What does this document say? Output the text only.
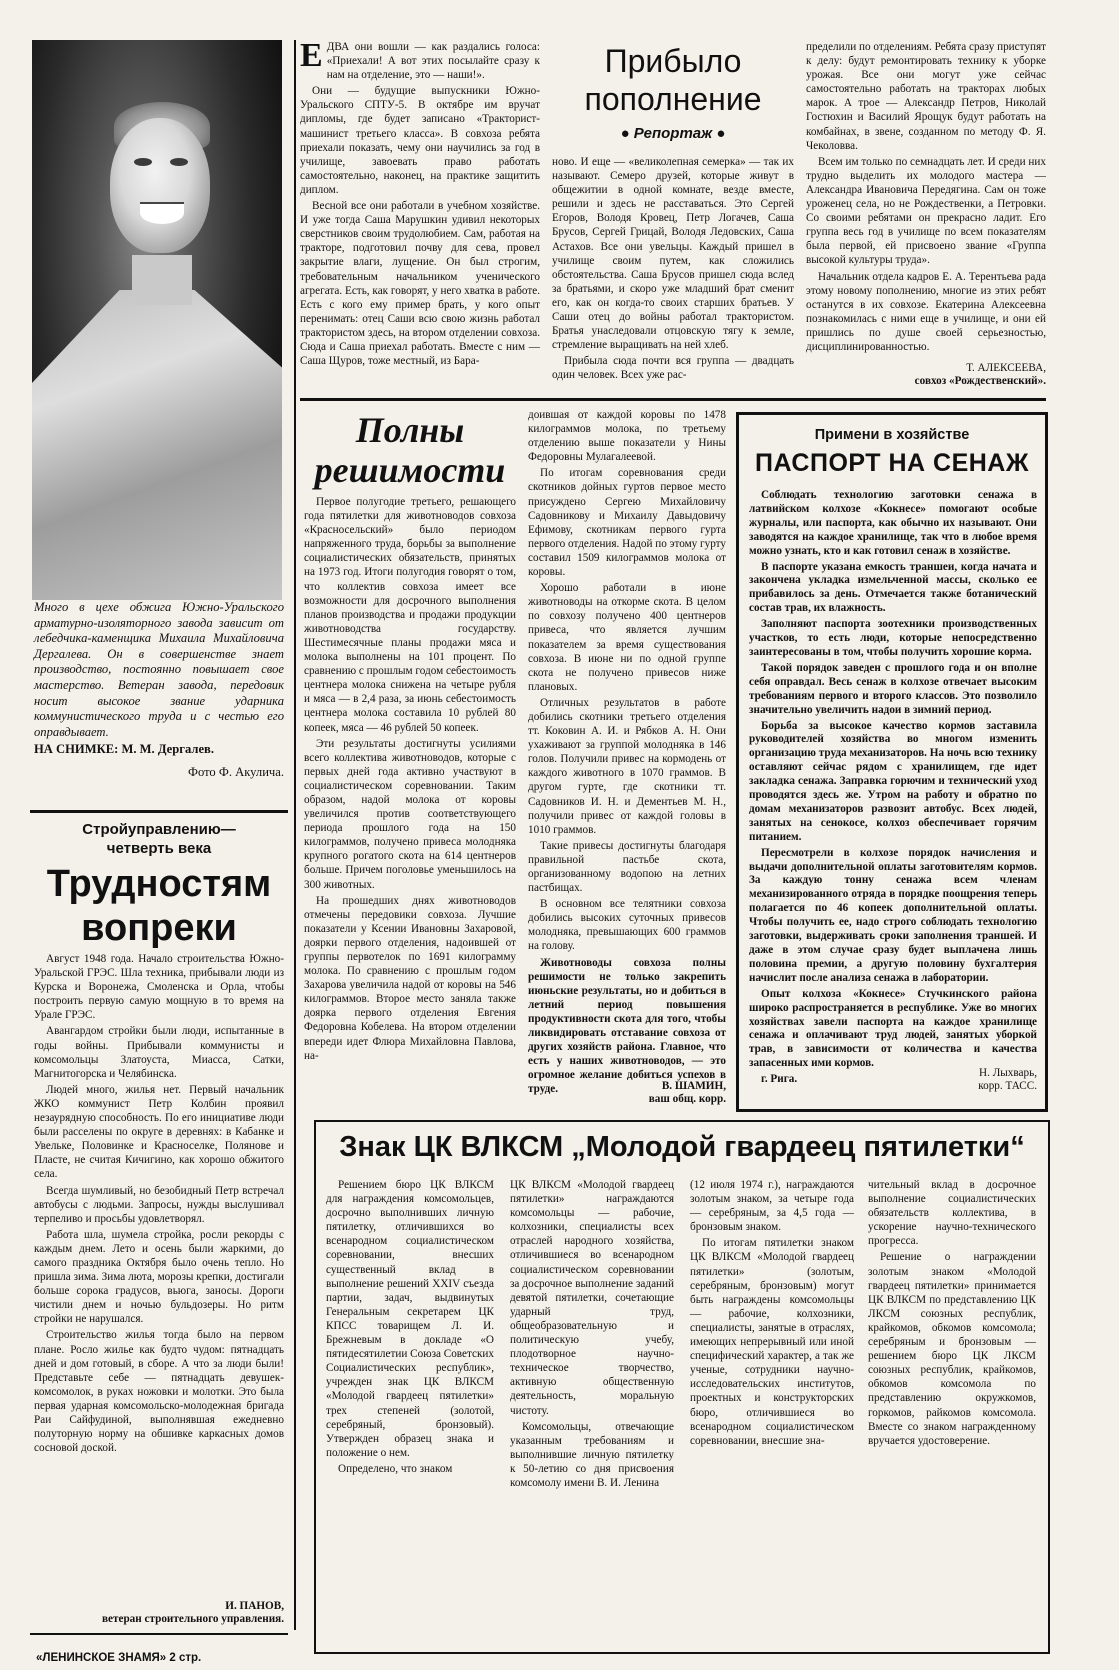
Много в цехе обжига Южно-Уральского арматурно-изоляторного завода зависит от лебедчика-каменщика Михаила Михайловича Дергалева. Он в совершенстве знает производство, постоянно повышает свое мастерство. Ветеран завода, передовик носит высокое звание ударника коммунистического труда и с честью его оправдывает.

НА СНИМКЕ: М. М. Дергалев.

Фото Ф. Акулича.
Стройуправлению—
четверть века
Трудностям
вопреки

Август 1948 года. Начало строительства Южно-Уральской ГРЭС. Шла техника, прибывали люди из Курска и Воронежа, Смоленска и Орла, чтобы построить первую самую мощную в то время на Урале ГРЭС.

Авангардом стройки были люди, испытанные в годы войны. Прибывали коммунисты и комсомольцы Златоуста, Миасса, Сатки, Магнитогорска и Челябинска.

Людей много, жилья нет. Первый начальник ЖКО коммунист Петр Колбин проявил незаурядную способность. По его инициативе люди были расселены по округе в деревнях: в Кабанке и Увельке, Половинке и Красноселке, Полянове и Пласте, не считая Кичигино, как хорошо обжитого села.

Всегда шумливый, но безобидный Петр встречал автобусы с людьми. Запросы, нужды выслушивал терпеливо и просьбы удовлетворял.

Работа шла, шумела стройка, росли рекорды с каждым днем. Лето и осень были жаркими, до самого праздника Октября было очень тепло. Но пришла зима. Зима люта, морозы крепки, достигали больше сорока градусов, вьюга, заносы. Дороги чистили днем и ночью бульдозеры. Но ритм стройки не нарушался.

Строительство жилья тогда было на первом плане. Росло жилье как будто чудом: пятнадцать дней и дом готовый, в сборе. А что за люди были! Представьте себе — пятнадцать девушек-комсомолок, в руках ножовки и молотки. Это была первая ударная комсомольско-молодежная бригада Раи Сайфудиной, выполнявшая ежедневно полуторную норму на обшивке каркасных домов сосновой доской.

И. ПАНОВ,
ветеран строительного управления.
«ЛЕНИНСКОЕ ЗНАМЯ» 2 стр.
Е ДВА они вошли — как раздались голоса: «Приехали! А вот этих посылайте сразу к нам на отделение, это — наши!».

Они — будущие выпускники Южно-Уральского СПТУ-5. В октябре им вручат дипломы, где будет записано «Тракторист-машинист третьего класса». В совхоза ребята приехали показать, чему они научились за год в училище, завоевать право работать самостоятельно, наконец, на практике защитить диплом.

Весной все они работали в учебном хозяйстве. И уже тогда Саша Марушкин удивил некоторых сверстников своим трудолюбием. Сам, работая на тракторе, подготовил почву для сева, провел закрытие влаги, лущение. Он был строгим, требовательным начальником ученического агрегата. Есть, как говорят, у него хватка в работе. Есть с кого ему пример брать, у кого опыт перенимать: отец Саши всю свою жизнь работал трактористом здесь, на втором отделении совхоза. Сюда и Саша приехал работать. Вместе с ним — Саша Щуров, тоже местный, из Бара-

Прибыло
пополнение
● Репортаж ●

ново. И еще — «великолепная семерка» — так их называют. Семеро друзей, которые живут в общежитии в одной комнате, везде вместе, решили и здесь не расставаться. Это Сергей Егоров, Володя Кровец, Петр Логачев, Саша Брусов, Сергей Грицай, Володя Ледовских, Саша Астахов. Все они увельцы. Каждый пришел в училище своим путем, как сложились обстоятельства. Саша Брусов пришел сюда вслед за братьями, и скоро уже младший брат сменит его, как он когда-то своих старших братьев. У Саши отец до войны работал трактористом. Братья унаследовали отцовскую тягу к земле, стремление выращивать на ней хлеб.

Прибыла сюда почти вся группа — двадцать один человек. Всех уже рас-

пределили по отделениям. Ребята сразу приступят к делу: будут ремонтировать технику к уборке урожая. Все они могут уже сейчас самостоятельно работать на тракторах любых марок. А трое — Александр Петров, Николай Гостюхин и Василий Ярощук будут работать на комбайнах, в звене, созданном по методу Ф. Я. Чеколовва.

Всем им только по семнадцать лет. И среди них трудно выделить их молодого мастера — Александра Ивановича Передягина. Сам он тоже уроженец села, но не Рождественки, а Петровки. Со своими ребятами он прекрасно ладит. Его группа весь год в училище по всем показателям была первой, ей присвоено звание «Группа высокой культуры труда».

Начальник отдела кадров Е. А. Терентьева рада этому новому пополнению, многие из этих ребят останутся в их совхозе. Екатерина Алексеевна познакомилась с ними еще в училище, и они ей пришлись по душе своей серьезностью, дисциплинированностью.

Т. АЛЕКСЕЕВА,
совхоз «Рождественский».
Полны
решимости

Первое полугодие третьего, решающего года пятилетки для животноводов совхоза «Красносельский» было периодом напряженного труда, борьбы за выполнение социалистических обязательств, принятых на 1973 год. Итоги полугодия говорят о том, что коллектив совхоза имеет все возможности для досрочного выполнения планов производства и продажи продукции животноводства государству. Шестимесячные планы продажи мяса и молока выполнены на 101 процент. По сравнению с прошлым годом себестоимость центнера молока снижена на четыре рубля и мяса — в 2,4 раза, за июнь себестоимость центнера молока составила 10 рублей 80 копеек, мяса — 46 рублей 50 копеек.

Эти результаты достигнуты усилиями всего коллектива животноводов, которые с первых дней года активно участвуют в социалистическом соревновании. Таким образом, надой молока от коровы увеличился против соответствующего периода прошлого года на 150 килограммов, получено привеса молодняка крупного рогатого скота на 614 центнеров больше. Причем поголовье уменьшилось на 300 животных.

На прошедших днях животноводов отмечены передовики совхоза. Лучшие показатели у Ксении Ивановны Захаровой, доярки первого отделения, надоившей от группы первотелок по 1691 килограмму молока. По сравнению с прошлым годом Захарова увеличила надой от коровы на 546 килограммов. Второе место заняла также доярка первого отделения Евгения Федоровна Кобелева. На втором отделении впереди идет Флюра Михайловна Павлова, на-

доившая от каждой коровы по 1478 килограммов молока, по третьему отделению выше показатели у Нины Федоровны Мулагалеевой.

По итогам соревнования среди скотников дойных гуртов первое место присуждено Сергею Михайловичу Садовникову и Михаилу Давыдовичу Ефимову, скотникам первого гурта первого отделения. Надой по этому гурту составил 1509 килограммов молока от коровы.

Хорошо работали в июне животноводы на откорме скота. В целом по совхозу получено 400 центнеров привеса, что является лучшим показателем за время существования совхоза. В июне ни по одной группе скота не получено привесов ниже плановых.

Отличных результатов в работе добились скотники третьего отделения тт. Коковин А. И. и Рябков А. Н. Они ухаживают за группой молодняка в 146 голов. Получили привес на кормодень от каждого животного в 1070 граммов. В другом гурте, где скотники тт. Садовников И. Н. и Дементьев М. Н., получили привес от каждой головы в 1010 граммов.

Такие привесы достигнуты благодаря правильной пастьбе скота, организованному водопою на летних пастбищах.

В основном все телятники совхоза добились высоких суточных привесов молодняка, превышающих 600 граммов на голову.

Животноводы совхоза полны решимости не только закрепить июньские результаты, но и добиться в летний период повышения продуктивности скота для того, чтобы ликвидировать отставание совхоза от других хозяйств района. Главное, что есть у наших животноводов, — это огромное желание добиться успехов в труде.	В. ШАМИН,
ваш общ. корр.
Примени в хозяйстве
ПАСПОРТ НА СЕНАЖ

Соблюдать технологию заготовки сенажа в латвийском колхозе «Кокнесе» помогают особые журналы, или паспорта, как обычно их называют. Они заводятся на каждое хранилище, так что в любое время можно узнать, кто и как готовил сенаж в хозяйстве.

В паспорте указана емкость траншеи, когда начата и закончена укладка измельченной массы, сколько ее прибавилось за день. Отмечается также ботанический состав трав, их влажность.

Заполняют паспорта зоотехники производственных участков, то есть люди, которые непосредственно заинтересованы в том, чтобы получить хорошие корма.

Такой порядок заведен с прошлого года и он вполне себя оправдал. Весь сенаж в колхозе отвечает высоким требованиям первого и второго классов. Это позволило значительно увеличить надои в зимний период.

Борьба за высокое качество кормов заставила руководителей хозяйства во многом изменить организацию труда механизаторов. На ночь всю технику оставляют сейчас рядом с хранилищем, где идет закладка сенажа. Заправка горючим и технический уход проводятся здесь же. Утром на работу и обратно по домам механизаторов развозит автобус. Всех людей, занятых на сенокосе, колхоз обеспечивает горячим питанием.

Пересмотрели в колхозе порядок начисления и выдачи дополнительной оплаты заготовителям кормов. За каждую тонну сенажа всем членам механизированного отряда в порядке поощрения теперь полагается по 46 копеек дополнительной оплаты. Чтобы получить ее, надо строго соблюдать технологию заготовки, выдерживать сроки заполнения траншей. И даже в этом случае сразу будет выплачена лишь половина премии, а другую половину бухгалтерия начислит после анализа сенажа в лаборатории.

Опыт колхоза «Кокнесе» Стучкинского района широко распространяется в республике. Уже во многих хозяйствах завели паспорта на каждое хранилище сенажа и оплачивают труд людей, занятых уборкой трав, в зависимости от количества и качества запасенных ими кормов.

г. Рига.

Н. Лыхварь,
корр. ТАСС.
Знак ЦК ВЛКСМ „Молодой гвардеец пятилетки“

Решением бюро ЦК ВЛКСМ для награждения комсомольцев, досрочно выполнивших личную пятилетку, отличившихся во всенародном социалистическом соревновании, внесших существенный вклад в выполнение решений XXIV съезда партии, задач, выдвинутых Генеральным секретарем ЦК КПСС товарищем Л. И. Брежневым в докладе «О пятидесятилетии Союза Советских Социалистических республик», учрежден знак ЦК ВЛКСМ «Молодой гвардеец пятилетки» трех степеней (золотой, серебряный, бронзовый). Утвержден образец знака и положение о нем.

Определено, что знаком

ЦК ВЛКСМ «Молодой гвардеец пятилетки» награждаются комсомольцы — рабочие, колхозники, специалисты всех отраслей народного хозяйства, отличившиеся во всенародном социалистическом соревновании за досрочное выполнение заданий девятой пятилетки, сочетающие ударный труд, общеобразовательную и политическую учебу, плодотворное научно-техническое творчество, активную общественную деятельность, моральную чистоту.

Комсомольцы, отвечающие указанным требованиям и выполнившие личную пятилетку к 50-летию со дня присвоения комсомолу имени В. И. Ленина

(12 июля 1974 г.), награждаются золотым знаком, за четыре года — серебряным, за 4,5 года — бронзовым знаком.

По итогам пятилетки знаком ЦК ВЛКСМ «Молодой гвардеец пятилетки» (золотым, серебряным, бронзовым) могут быть награждены комсомольцы — рабочие, колхозники, специалисты, занятые в отраслях, имеющих непрерывный или иной специфический характер, а так же ученые, сотрудники научно-исследовательских институтов, проектных и конструкторских бюро, отличившиеся во всенародном социалистическом соревновании, внесшие зна-

чительный вклад в досрочное выполнение социалистических обязательств коллектива, в ускорение научно-технического прогресса.

Решение о награждении золотым знаком «Молодой гвардеец пятилетки» принимается ЦК ВЛКСМ по представлению ЦК ЛКСМ союзных республик, крайкомов, обкомов комсомола; серебряным и бронзовым — решением бюро ЦК ЛКСМ союзных республик, крайкомов, обкомов комсомола по представлению окружкомов, горкомов, райкомов комсомола. Вместе со знаком награжденному вручается удостоверение.
